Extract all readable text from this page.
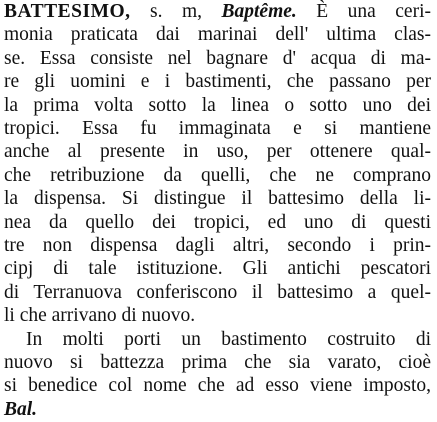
BATTESIMO, s. m, Baptême. È una ceri-
monia praticata dai marinai dell' ultima clas-
se. Essa consiste nel bagnare d' acqua di ma-
re gli uomini e i bastimenti, che passano per
la prima volta sotto la linea o sotto uno dei
tropici. Essa fu immaginata e si mantiene
anche al presente in uso, per ottenere qual-
che retribuzione da quelli, che ne comprano
la dispensa. Si distingue il battesimo della li-
nea da quello dei tropici, ed uno di questi
tre non dispensa dagli altri, secondo i prin-
cipj di tale istituzione. Gli antichi pescatori
di Terranuova conferiscono il battesimo a quel-
li che arrivano di nuovo.
In molti porti un bastimento costruito di
nuovo si battezza prima che sia varato, cioè
si benedice col nome che ad esso viene imposto,
Bal.
